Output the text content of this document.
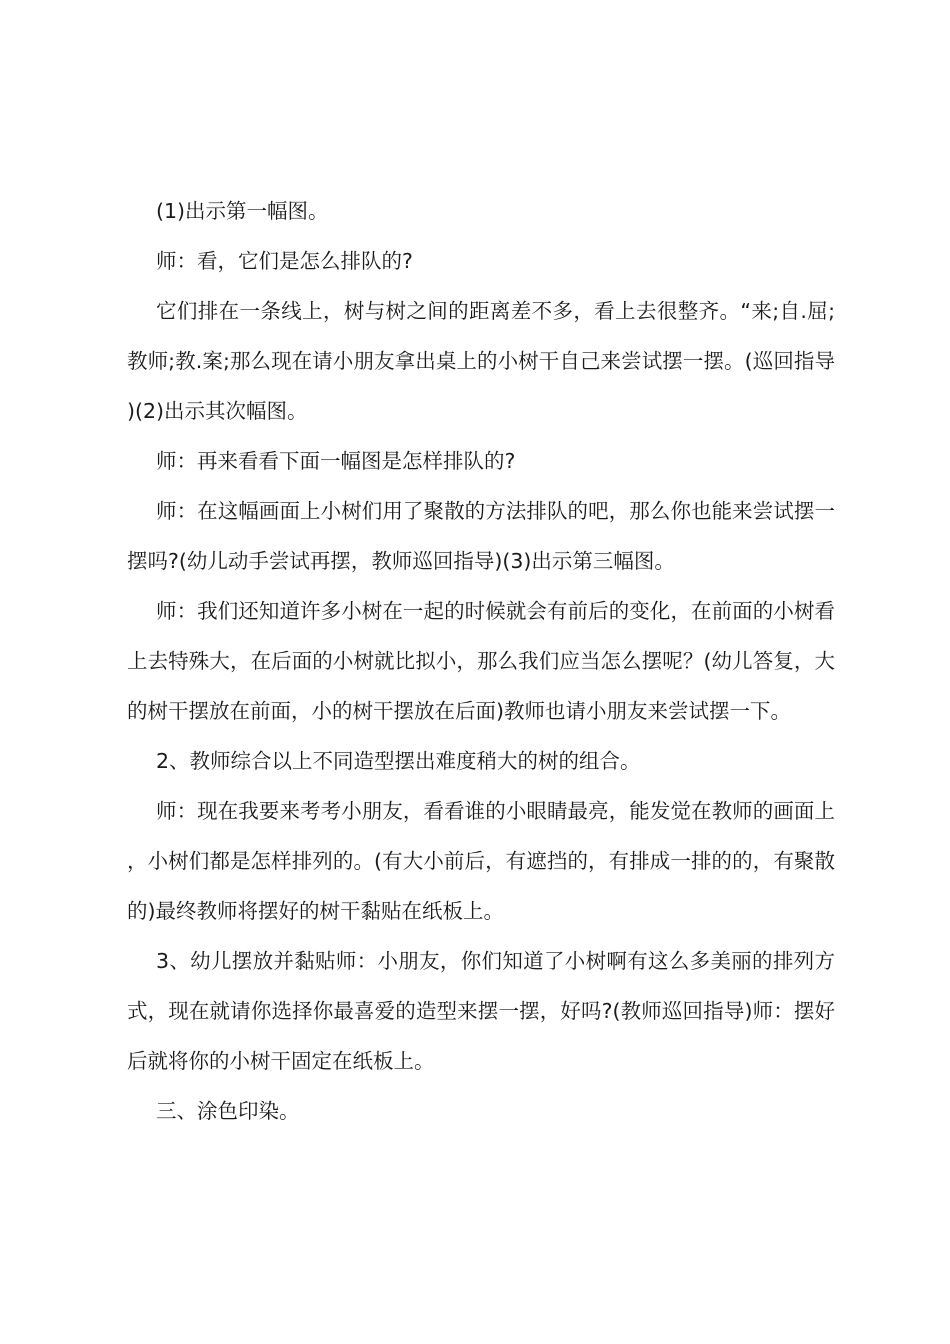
(1)出示第一幅图。

师：看，它们是怎么排队的?

它们排在一条线上，树与树之间的距离差不多，看上去很整齐。“来;自.屈;教师;教.案;那么现在请小朋友拿出桌上的小树干自己来尝试摆一摆。(巡回指导)(2)出示其次幅图。

师：再来看看下面一幅图是怎样排队的?

师：在这幅画面上小树们用了聚散的方法排队的吧，那么你也能来尝试摆一摆吗?(幼儿动手尝试再摆，教师巡回指导)(3)出示第三幅图。

师：我们还知道许多小树在一起的时候就会有前后的变化，在前面的小树看上去特殊大，在后面的小树就比拟小，那么我们应当怎么摆呢？(幼儿答复，大的树干摆放在前面，小的树干摆放在后面)教师也请小朋友来尝试摆一下。

2、教师综合以上不同造型摆出难度稍大的树的组合。

师：现在我要来考考小朋友，看看谁的小眼睛最亮，能发觉在教师的画面上，小树们都是怎样排列的。(有大小前后，有遮挡的，有排成一排的的，有聚散的)最终教师将摆好的树干黏贴在纸板上。

3、幼儿摆放并黏贴师：小朋友，你们知道了小树啊有这么多美丽的排列方式，现在就请你选择你最喜爱的造型来摆一摆，好吗?(教师巡回指导)师：摆好后就将你的小树干固定在纸板上。

三、涂色印染。
